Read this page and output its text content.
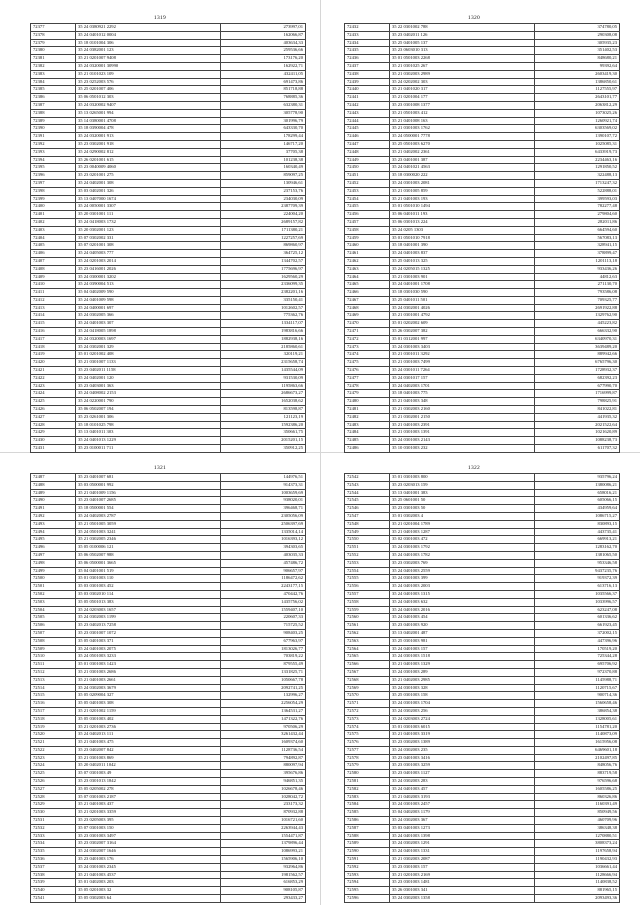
1319
72377	35 24 0380921 2292	273997,01
72378	35 24 0401012 0004	162066,87
72379	35 18 0101004 306	403634,33
72380	35 24 0382001 123	259536,66
72381	35 21 0201007 9408	173176,20
72382	35 24 0320001 30990	162922,71
72383	35 21 0101023 109	432411,05
72384	35 23 0252003 576	691473,86
72385	35 25 0201007 406	851718,88
72386	35 06 0501012 303	768885,36
72387	35 24 0320002 9407	632380,31
72388	35 13 0265001 994	305778,90
72389	35 14 0380001 4708	301996,79
72390	35 18 0390004 478	643330,70
72391	35 24 0320001 913	178299,44
72392	35 23 0302001 918	146717,20
72393	35 24 0290002 812	37705,38
72394	35 26 0201001 615	101238,38
72395	35 23 0040009 4060	160340,49
72396	35 23 0201001 275	859097,25
72397	35 24 0402001 308	130946,61
72398	35 03 0402001 326	237153,76
72399	35 13 0407000 1674	234030,09
72400	35 24 0050001 3307	2387709,39
72401	35 20 0301001 111	224004,20
72402	35 24 0418003 1732	2689157,82
72403	35 20 0302001 123	1711380,21
72404	35 07 0302002 331	1227257,69
72405	35 07 0201001 308	869860,97
72406	35 24 0405003 777	364725,12
72407	35 24 0201003 2014	1344702,57
72408	35 23 0416001 2026	1775696,97
72409	35 24 0300001 3202	1629560,29
72410	35 24 0390004 513	2336099,35
72411	35 04 0402009 590	2382201,16
72412	35 24 0401009 598	335150,41
72413	35 24 0400001 697	1012602,57
72414	35 24 0302005 366	775362,76
72415	35 24 0401003 307	1334117,07
72416	35 24 0418005 1898	1983816,66
72417	35 24 0320003 1697	1882938,16
72418	35 24 0302001 329	2185860,61
72419	35 01 0201002 408	320119,21
72420	35 21 0301007 1133	2315658,74
72421	35 23 0402011 1158	1435544,09
72422	35 24 0402001 120	931530,09
72423	35 23 0403001 363	1195863,66
72424	35 24 0408002 2153	2686673,27
72425	35 24 0220001 790	1652038,62
72426	35 06 0502007 194	813598,87
72427	35 23 0261001 306	121123,19
72428	35 18 0101025 798	1592386,20
72429	35 13 0401011 303	350661,75
72430	35 24 0401013 1229	2015201,15
72431	35 23 0100011 711	350912,25
1320
72432	35 22 0301002 788	374780,05
72433	35 23 0402011 126	290308,08
72434	35 25 0401005 137	305935,23
72435	35 23 0603010 313	351402,53
72436	35 01 0501003 2268	848680,21
72437	35 21 0301025 267	99392,64
72438	35 21 0302003 2989	2603419,30
72439	35 24 0202002 303	1386850,61
72440	35 21 0401020 317	1127555,97
72441	35 21 0201004 177	2643101,77
72442	35 23 0301008 1377	2063812,29
72443	35 21 0501003 412	1073025,26
72444	35 21 0401008 163	1260921,74
72445	35 21 0301003 1762	6303569,02
72446	35 24 0500001 7778	1390107,72
72447	35 25 0501003 6270	1025085,31
72448	35 21 0402002 2361	6433919,73
72449	35 23 0401001 387	2234463,16
72450	35 24 0401021 4563	1291850,52
72451	35 18 0300020 222	322488,13
72452	35 24 0301003 2081	1713247,32
72453	35 21 0301005 859	522888,01
72454	35 21 0401003 193	399593,03
72455	35 01 0501010 1494	782277,48
72456	35 06 0401011 193	279804,60
72457	35 06 0301013 224	282011,86
72458	35 24 0205 1303	664594,60
72459	35 01 0501010 7918	567083,13
72460	35 18 0401001 390	328941,15
72461	35 24 0401003 837	378899,47
72462	35 25 0401013 325	1201113,18
72463	35 24 0205015 1325	933436,26
72464	35 21 0301003 901	44812,63
72465	35 24 0401001 1708	271130,70
72466	35 18 0301030 590	793586,08
72467	35 25 0401011 501	709325,77
72468	35 24 0302001 4026	2691922,88
72469	35 21 0301001 4792	1329762,90
72470	35 01 0202002 609	445223,82
72471	35 26 0302007 382	666332,90
72472	35 01 0312001 997	6340970,31
72473	35 24 0301003 3403	3639489,20
72474	35 21 0301011 3292	889942,66
72475	35 21 0301003 7499	6765796,30
72476	35 24 0301011 7264	1728932,37
72477	35 24 0301017 157	682392,23
72478	35 24 0402003 1701	677990,70
72479	35 18 0401003 775	1716999,87
72480	35 21 0401003 348	798825,91
72481	35 21 0302003 2160	841022,81
72482	35 21 0302001 2150	441935,32
72483	35 21 0401003 2391	2021522,64
72484	35 21 0301003 1391	1021620,89
72485	35 24 0301003 2143	1088238,73
72486	35 10 0301003 232	611707,32
1321
72487	35 23 0401007 681	144976,51
72488	35 03 0500001 992	914373,31
72489	35 21 0401009 1156	1003659,69
72490	35 23 0401007 2685	938020,01
72491	35 18 0500001 554	396468,71
72492	35 24 0402003 2787	2305056,09
72493	35 21 0501005 3059	2506397,69
72494	35 24 0501003 3241	1335014,14
72495	35 21 0302005 2346	1016393,12
72496	35 05 0100006 121	394303,65
72497	35 06 0502007 988	403035,33
72498	35 06 0500001 3665	457486,72
72499	35 04 0401001 519	906657,97
72500	35 01 0301003 110	1186472,62
72501	35 03 0301003 452	2243177,15
72502	35 03 0302010 114	470442,76
72503	35 05 0501013 383	1435756,02
72504	35 24 0203003 1657	1559407,10
72505	35 24 0302003 1199	220607,33
72506	35 23 0402013 7258	715725,52
72507	35 23 0301007 1072	908403,25
72508	35 05 0401003 371	677963,97
72509	35 24 0401003 2075	1813026,77
72510	35 24 0501003 3233	703819,22
72511	35 01 0301003 1423	879555,49
72512	35 21 0301003 2686	1331825,71
72513	35 21 0401003 2661	1050667,78
72514	35 24 0302003 3679	2092741,25
72515	35 05 0209004 327	132996,27
72516	35 05 0401003 308	2256054,29
72517	35 21 0201002 1159	1364531,27
72518	35 05 0301003 402	1471322,76
72519	35 21 0201003 2736	970506,29
72520	35 24 0402013 111	3261432,44
72521	35 21 0401003 475	1609374,60
72522	35 23 0402007 842	1128736,54
72523	35 21 0301003 869	794892,87
72524	35 20 0402011 1042	880097,94
72525	35 07 0301003 49	395676,86
72526	35 23 0301013 1842	946851,35
72527	35 05 0205002 278	1026678,46
72528	35 07 0301003 2187	1028042,72
72529	35 21 0401003 437	233173,32
72530	35 21 0201003 3359	870932,88
72531	35 23 0205003 395	1016721,60
72532	35 07 0301003 150	2263944,43
72533	35 23 0301003 3497	1554471,87
72534	35 23 0302007 3164	1379896,44
72535	35 24 0302007 1646	1086993,21
72536	35 23 0401003 176	1565906,10
72537	35 24 0301003 2345	932964,86
72538	35 21 0401003 4537	1981562,57
72539	35 01 0402003 203	616853,29
72540	35 05 0201003 32	908105,87
72541	35 05 0302003 64	293433,27
1322
72542	35 01 0301003 800	935796,24
72543	35 23 0203013 159	1380086,21
72544	35 13 0401001 383	658016,21
72545	35 25 0601001 50	605066,15
72546	35 23 0301003 50	434959,64
72547	35 01 0302003 4	1086715,27
72548	35 21 0201004 1789	830893,15
72549	35 21 0401003 1287	443735,41
72550	35 02 0301003 472	669913,21
72551	35 24 0301003 1792	1283162,70
72552	35 24 0401003 1782	1381065,50
72553	35 23 0302003 769	953346,58
72554	35 24 0401003 2559	9437235,76
72555	35 24 0301003 399	919372,39
72556	35 24 0401003 2003	613716,13
72557	35 24 0401003 1315	1035566,37
72558	35 24 0401003 632	1033996,57
72559	35 24 0401003 2016	623247,08
72560	35 24 0401003 454	601336,62
72561	35 23 0401003 920	661923,45
72562	35 13 0402001 487	372002,15
72563	35 25 0301003 981	447396,96
72564	35 24 0401003 157	170519,20
72565	35 24 0301003 1518	725344,28
72566	35 21 0401003 1329	695706,92
72567	35 24 0301003 289	972370,88
72568	35 21 0402003 2985	1145988,71
72569	35 24 0301003 328	1120715,67
72570	35 25 0301003 158	900714,36
72571	35 24 0301003 1704	1560658,46
72572	35 24 0302003 256	386854,38
72573	35 24 0203003 2724	1328005,61
72574	35 01 0301003 6015	1154781,20
72575	35 21 0401003 3319	1140873,09
72576	35 23 0302003 1389	1615956,08
72577	35 24 0302003 235	6469601,18
72578	35 23 0401003 3416	2102497,85
72579	35 23 0301003 3259	848056,76
72580	35 23 0401003 1127	883719,58
72581	35 24 0302003 283	976596,68
72582	35 24 0401003 457	1605586,25
72583	35 21 0402003 3193	860326,86
72584	35 24 0301003 2457	1160391,49
72585	35 04 0402003 1179	850949,56
72586	35 24 0302003 367	460709,96
72587	35 03 0401003 1273	386348,38
72588	35 24 0401003 1398	1270880,51
72589	35 24 0302003 1291	3808373,24
72590	35 24 0401003 1331	1197658,94
72591	35 21 0302003 2087	1190432,93
72592	35 23 0301003 157	1036661,44
72593	35 21 0201003 2169	1128666,94
72594	35 23 0301003 1481	1140838,52
72595	35 26 0301003 341	881965,15
72596	35 24 0302003 1358	2093493,36
